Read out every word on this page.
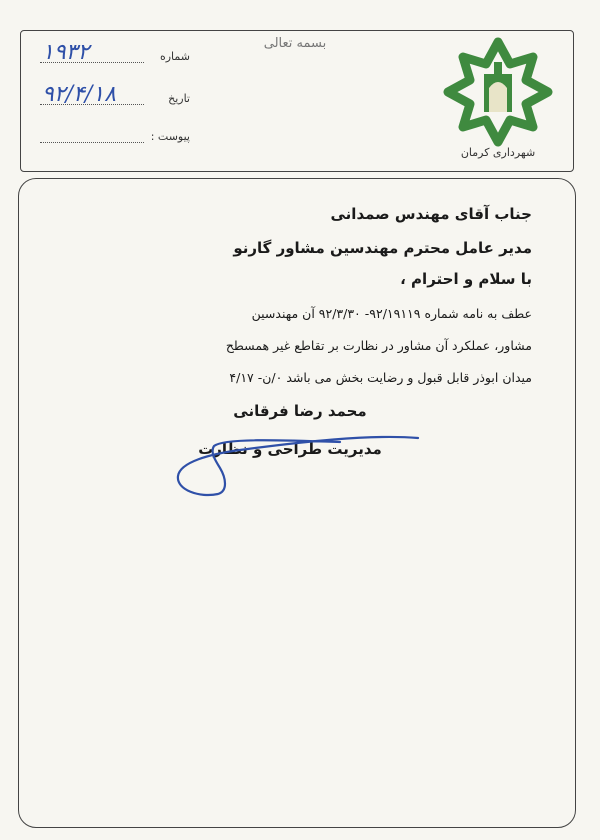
بسمه تعالی
شماره
۱۹۳۲
تاریخ
۹۲/۴/۱۸
پیوست :
شهرداری کرمان
جناب آقای مهندس صمدانی
مدیر عامل محترم مهندسین مشاور گارنو
با سلام و احترام ،
عطف به نامه شماره ۹۲/۱۹۱۱۹- ۹۲/۳/۳۰ آن مهندسین
مشاور، عملکرد آن مشاور در نظارت بر تقاطع غیر همسطح
میدان ابوذر قابل قبول و رضایت بخش می باشد ۰/ن- ۴/۱۷
محمد رضا فرقانی
مدیریت طراحی و نظارت
